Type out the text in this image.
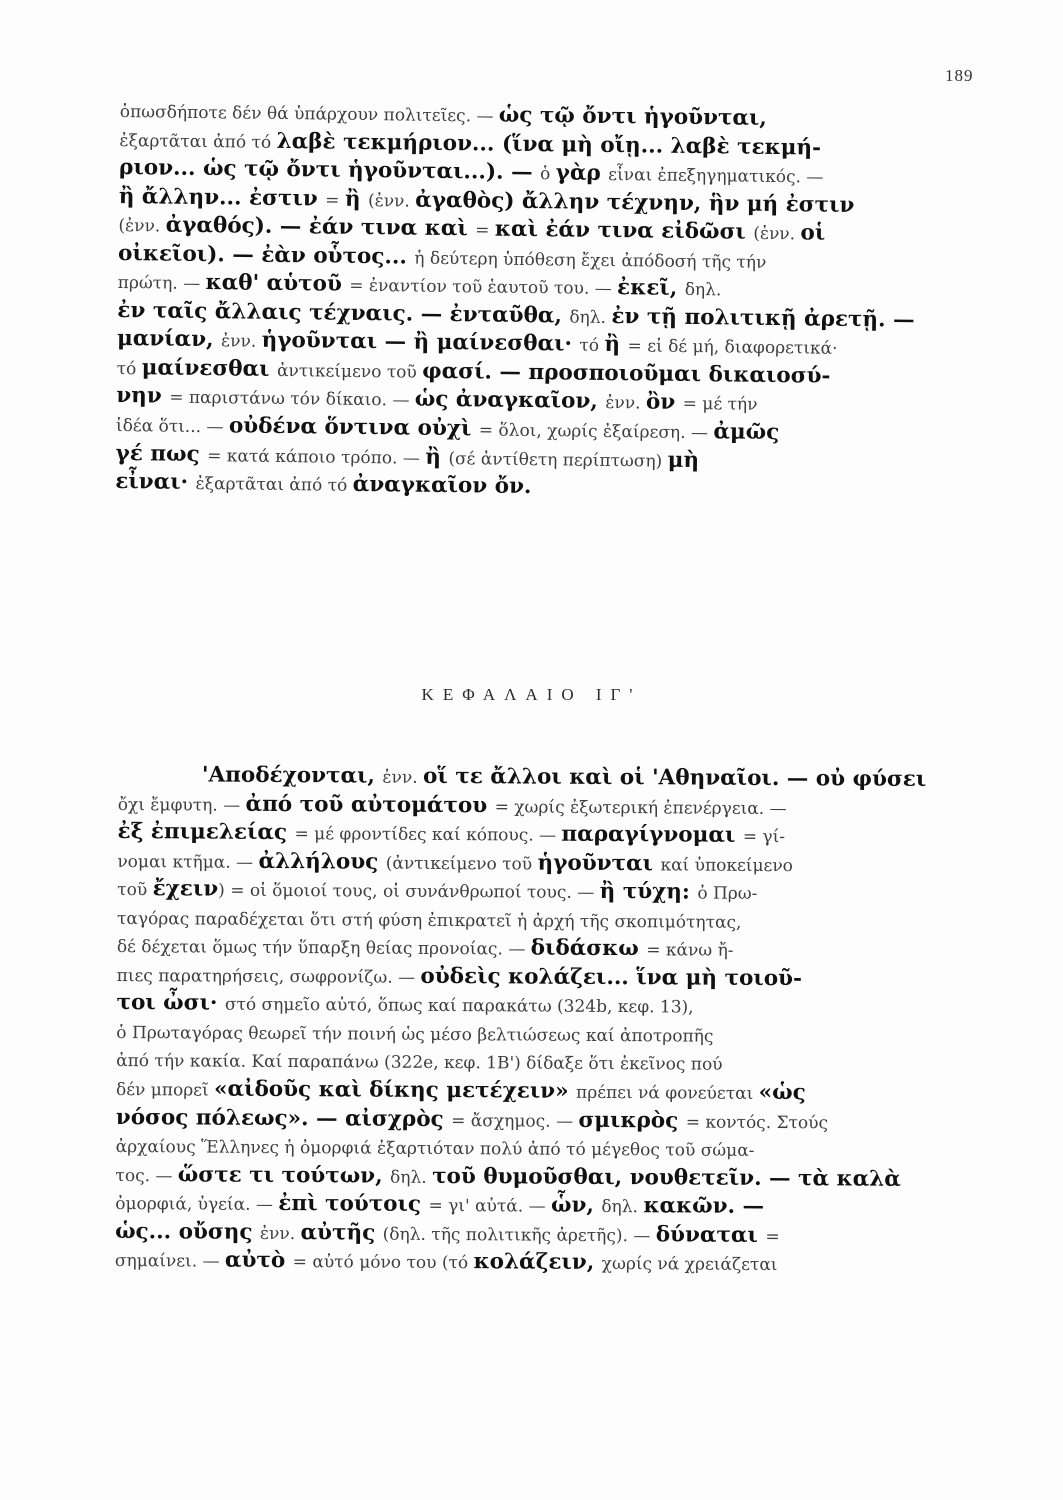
189
ὁπωσδήποτε δέν θά ὑπάρχουν πολιτεῖες. — ὡς τῷ ὄντι ἡγοῦνται,
ἐξαρτᾶται ἀπό τό λαβὲ τεκμήριον... (ἵνα μὴ οἴῃ... λαβὲ τεκμή-
ριον... ὡς τῷ ὄντι ἡγοῦνται...). — ὁ γὰρ εἶναι ἐπεξηγηματικός. —
ἢ ἄλλην... ἐστιν = ἢ (ἐνν. ἀγαθὸς) ἄλλην τέχνην, ἣν μή ἐστιν
(ἐνν. ἀγαθός). — ἐάν τινα καὶ = καὶ ἐάν τινα εἰδῶσι (ἐνν. οἱ
οἰκεῖοι). — ἐὰν οὗτος... ἡ δεύτερη ὑπόθεση ἔχει ἀπόδοσή τῆς τήν
πρώτη. — καθ' αὑτοῦ = ἐναντίον τοῦ ἑαυτοῦ του. — ἐκεῖ, δηλ.
ἐν ταῖς ἄλλαις τέχναις. — ἐνταῦθα, δηλ. ἐν τῇ πολιτικῇ ἀρετῇ. —
μανίαν, ἐνν. ἡγοῦνται — ἢ μαίνεσθαι· τό ἢ = εἰ δέ μή, διαφορετικά·
τό μαίνεσθαι ἀντικείμενο τοῦ φασί. — προσποιοῦμαι δικαιοσύ-
νην = παριστάνω τόν δίκαιο. — ὡς ἀναγκαῖον, ἐνν. ὂν = μέ τήν
ἰδέα ὅτι... — οὐδένα ὅντινα οὐχὶ = ὅλοι, χωρίς ἐξαίρεση. — ἀμῶς
γέ πως = κατά κάποιο τρόπο. — ἢ (σέ ἀντίθετη περίπτωση) μὴ
εἶναι· ἐξαρτᾶται ἀπό τό ἀναγκαῖον ὄν.
ΚΕΦΑΛΑΙΟ ΙΓ'
'Αποδέχονται, ἐνν. οἵ τε ἄλλοι καὶ οἱ 'Αθηναῖοι. — οὐ φύσει
ὄχι ἔμφυτη. — ἀπό τοῦ αὐτομάτου = χωρίς ἐξωτερική ἐπενέργεια. —
ἐξ ἐπιμελείας = μέ φροντίδες καί κόπους. — παραγίγνομαι = γί-
νομαι κτῆμα. — ἀλλήλους (ἀντικείμενο τοῦ ἡγοῦνται καί ὑποκείμενο
τοῦ ἔχειν) = οἱ ὅμοιοί τους, οἱ συνάνθρωποί τους. — ἢ τύχη: ὁ Πρω-
ταγόρας παραδέχεται ὅτι στή φύση ἐπικρατεῖ ἡ ἀρχή τῆς σκοπιμότητας,
δέ δέχεται ὅμως τήν ὕπαρξη θείας προνοίας. — διδάσκω = κάνω ἤ-
πιες παρατηρήσεις, σωφρονίζω. — οὐδεὶς κολάζει... ἵνα μὴ τοιοῦ-
τοι ὦσι· στό σημεῖο αὐτό, ὅπως καί παρακάτω (324b, κεφ. 13),
ὁ Πρωταγόρας θεωρεῖ τήν ποινή ὡς μέσο βελτιώσεως καί ἀποτροπῆς
ἀπό τήν κακία. Καί παραπάνω (322e, κεφ. 1Β') δίδαξε ὅτι ἐκεῖνος πού
δέν μπορεῖ «αἰδοῦς καὶ δίκης μετέχειν» πρέπει νά φονεύεται «ὡς
νόσος πόλεως». — αἰσχρὸς = ἄσχημος. — σμικρὸς = κοντός. Στούς
ἀρχαίους Ἕλληνες ἡ ὀμορφιά ἐξαρτιόταν πολύ ἀπό τό μέγεθος τοῦ σώμα-
τος. — ὥστε τι τούτων, δηλ. τοῦ θυμοῦσθαι, νουθετεῖν. — τὰ καλὰ
ὀμορφιά, ὑγεία. — ἐπὶ τούτοις = γι' αὐτά. — ὧν, δηλ. κακῶν. —
ὡς... οὔσης ἐνν. αὐτῆς (δηλ. τῆς πολιτικῆς ἀρετῆς). — δύναται =
σημαίνει. — αὐτὸ = αὐτό μόνο του (τό κολάζειν, χωρίς νά χρειάζεται
